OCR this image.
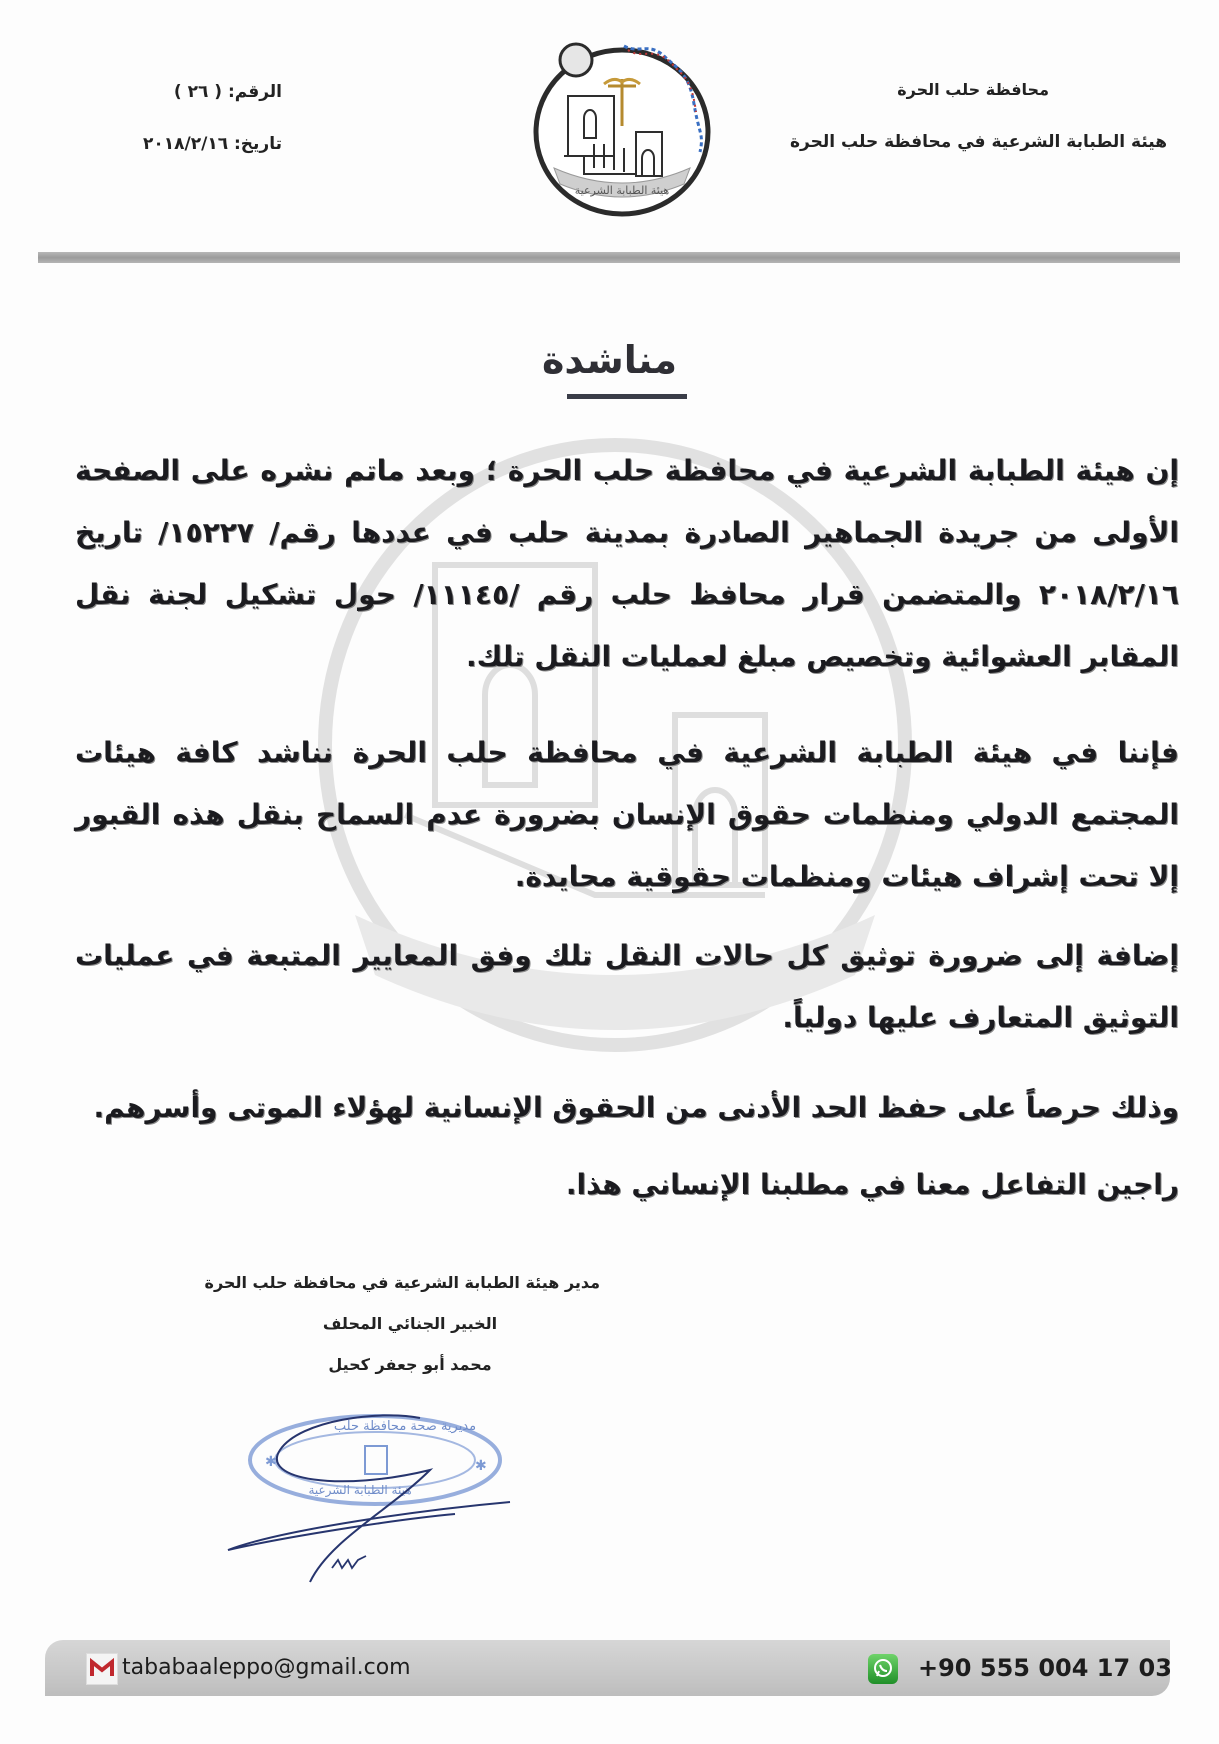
هيئة الطبابة الشرعية
محافظة حلب الحرة
هيئة الطبابة الشرعية في محافظة حلب الحرة
الرقم: ( ٢٦ )
تاريخ: ٢٠١٨/٢/١٦
مناشدة
إن هيئة الطبابة الشرعية في محافظة حلب الحرة ؛ وبعد ماتم نشره على الصفحة الأولى من جريدة الجماهير الصادرة بمدينة حلب في عددها رقم/ ١٥٢٢٧/ تاريخ ٢٠١٨/٢/١٦ والمتضمن قرار محافظ حلب رقم /١١١٤٥/ حول تشكيل لجنة نقل المقابر العشوائية وتخصيص مبلغ لعمليات النقل تلك.
فإننا في هيئة الطبابة الشرعية في محافظة حلب الحرة نناشد كافة هيئات المجتمع الدولي ومنظمات حقوق الإنسان بضرورة عدم السماح بنقل هذه القبور إلا تحت إشراف هيئات ومنظمات حقوقية محايدة.
إضافة إلى ضرورة توثيق كل حالات النقل تلك وفق المعايير المتبعة في عمليات التوثيق المتعارف عليها دولياً.
وذلك حرصاً على حفظ الحد الأدنى من الحقوق الإنسانية لهؤلاء الموتى وأسرهم.
راجين التفاعل معنا في مطلبنا الإنساني هذا.
مدير هيئة الطبابة الشرعية في محافظة حلب الحرة
الخبير الجنائي المحلف
محمد أبو جعفر كحيل
مديرية صحة محافظة حلب
هيئة الطبابة الشرعية
✱	✱
tababaaleppo@gmail.com	+90 555 004 17 03
